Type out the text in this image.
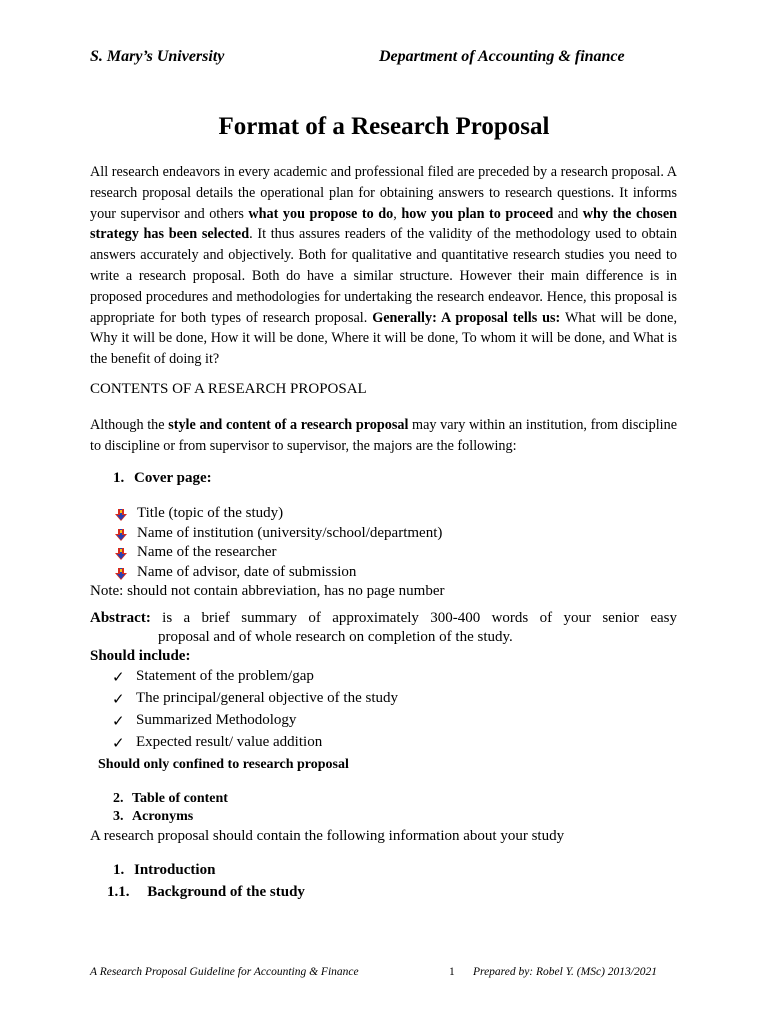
S. Mary’s University	Department of Accounting & finance
Format of a Research Proposal

All research endeavors in every academic and professional filed are preceded by a research proposal. A research proposal details the operational plan for obtaining answers to research questions. It informs your supervisor and others what you propose to do, how you plan to proceed and why the chosen strategy has been selected. It thus assures readers of the validity of the methodology used to obtain answers accurately and objectively. Both for qualitative and quantitative research studies you need to write a research proposal. Both do have a similar structure. However their main difference is in proposed procedures and methodologies for undertaking the research endeavor. Hence, this proposal is appropriate for both types of research proposal. Generally: A proposal tells us: What will be done, Why it will be done, How it will be done, Where it will be done, To whom it will be done, and What is the benefit of doing it?

CONTENTS OF A RESEARCH PROPOSAL

Although the style and content of a research proposal may vary within an institution, from discipline to discipline or from supervisor to supervisor, the majors are the following:

1. Cover page:
Title (topic of the study)
Name of institution (university/school/department)
Name of the researcher
Name of advisor, date of submission
Note: should not contain abbreviation, has no page number

Abstract: is a brief summary of approximately 300-400 words of your senior easy

proposal and of whole research on completion of the study.
Should include:
✓ Statement of the problem/gap
✓ The principal/general objective of the study
✓ Summarized Methodology
✓ Expected result/ value addition
Should only confined to research proposal
2. Table of content
3. Acronyms
A research proposal should contain the following information about your study
1. Introduction
1.1. Background of the study
A Research Proposal Guideline for Accounting & Finance	1 Prepared by: Robel Y. (MSc) 2013/2021
